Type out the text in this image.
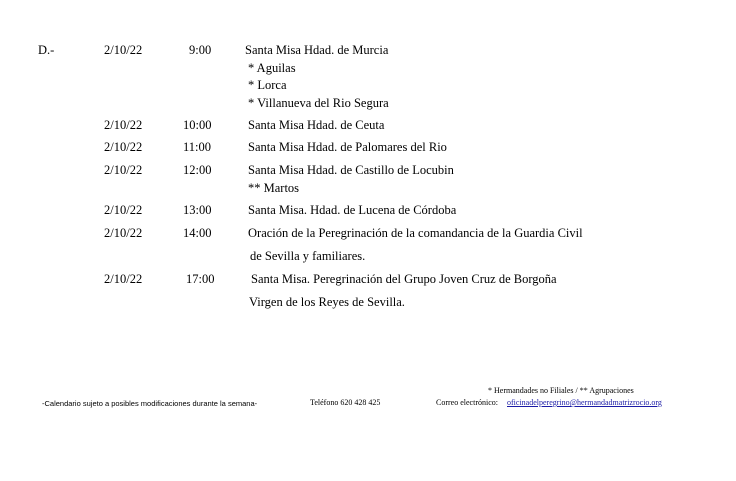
D.-	2/10/22	9:00	Santa Misa Hdad. de Murcia
* Aguilas
* Lorca
* Villanueva del Rio Segura
2/10/22	10:00	Santa Misa Hdad. de Ceuta
2/10/22	11:00	Santa Misa Hdad. de Palomares del Rio
2/10/22	12:00	Santa Misa Hdad. de Castillo de Locubin
** Martos
2/10/22	13:00	Santa Misa. Hdad. de Lucena de Córdoba
2/10/22	14:00	Oración de la Peregrinación de la comandancia de la Guardia Civil
de Sevilla y familiares.
2/10/22	17:00	Santa Misa. Peregrinación del Grupo Joven Cruz de Borgoña
Virgen de los Reyes de Sevilla.
* Hermandades no Filiales / ** Agrupaciones
-Calendario sujeto a posibles modificaciones durante la semana-	Teléfono 620 428 425	Correo electrónico: oficinadelperegrino@hermandadmatrizrocio.org
